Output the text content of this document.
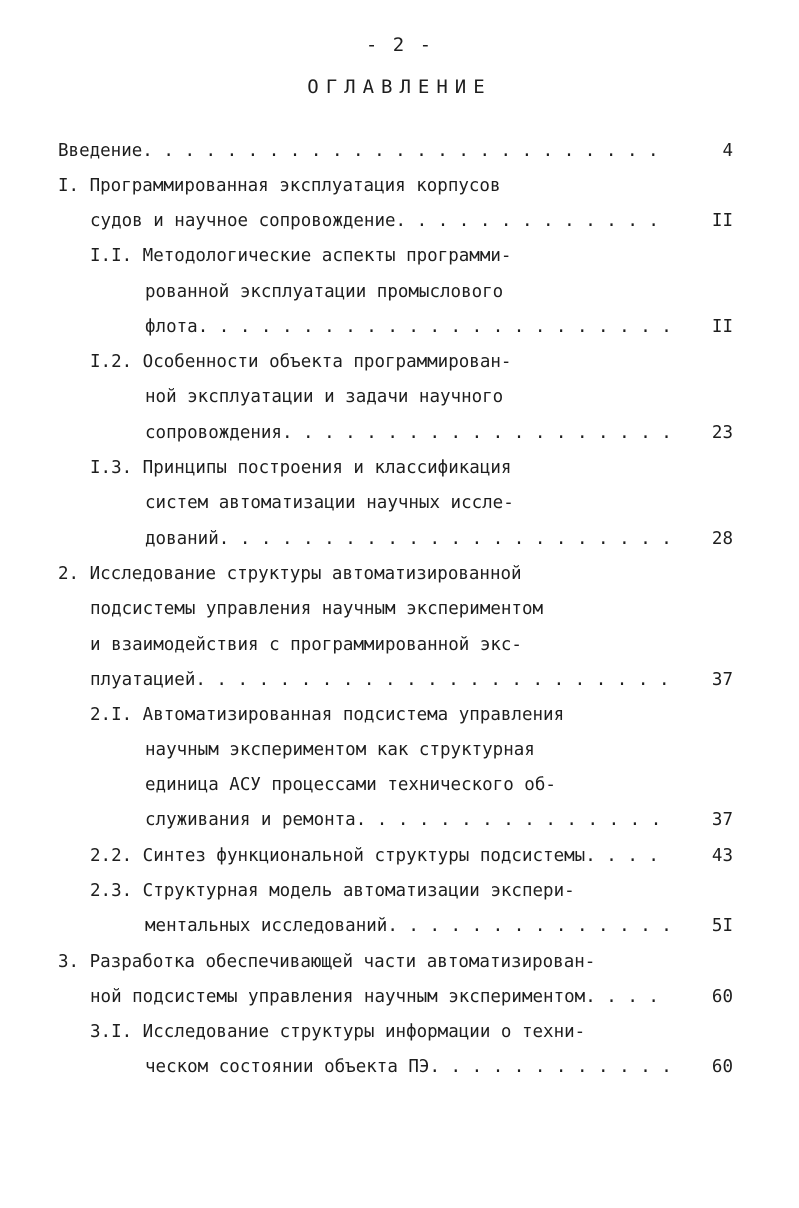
- 2 -
ОГЛАВЛЕНИЕ
Введение . . .	4
I. Программированная эксплуатация корпусов
судов и научное сопровождение . . .	II
I.I. Методологические аспекты программи-
рованной эксплуатации промыслового
флота . . .	II
I.2. Особенности объекта программирован-
ной эксплуатации и задачи научного
сопровождения . . .	23
I.3. Принципы построения и классификация
систем автоматизации научных иссле-
дований . . .	28
2. Исследование структуры автоматизированной
подсистемы управления научным экспериментом
и взаимодействия с программированной экс-
плуатацией . . .	37
2.I. Автоматизированная подсистема управления
научным экспериментом как структурная
единица АСУ процессами технического об-
служивания и ремонта . . .	37
2.2. Синтез функциональной структуры подсистемы . . .	43
2.3. Структурная модель автоматизации экспери-
ментальных исследований . . .	5I
3. Разработка обеспечивающей части автоматизирован-
ной подсистемы управления научным экспериментом . . .	60
3.I. Исследование структуры информации о техни-
ческом состоянии объекта ПЭ . . .	60
